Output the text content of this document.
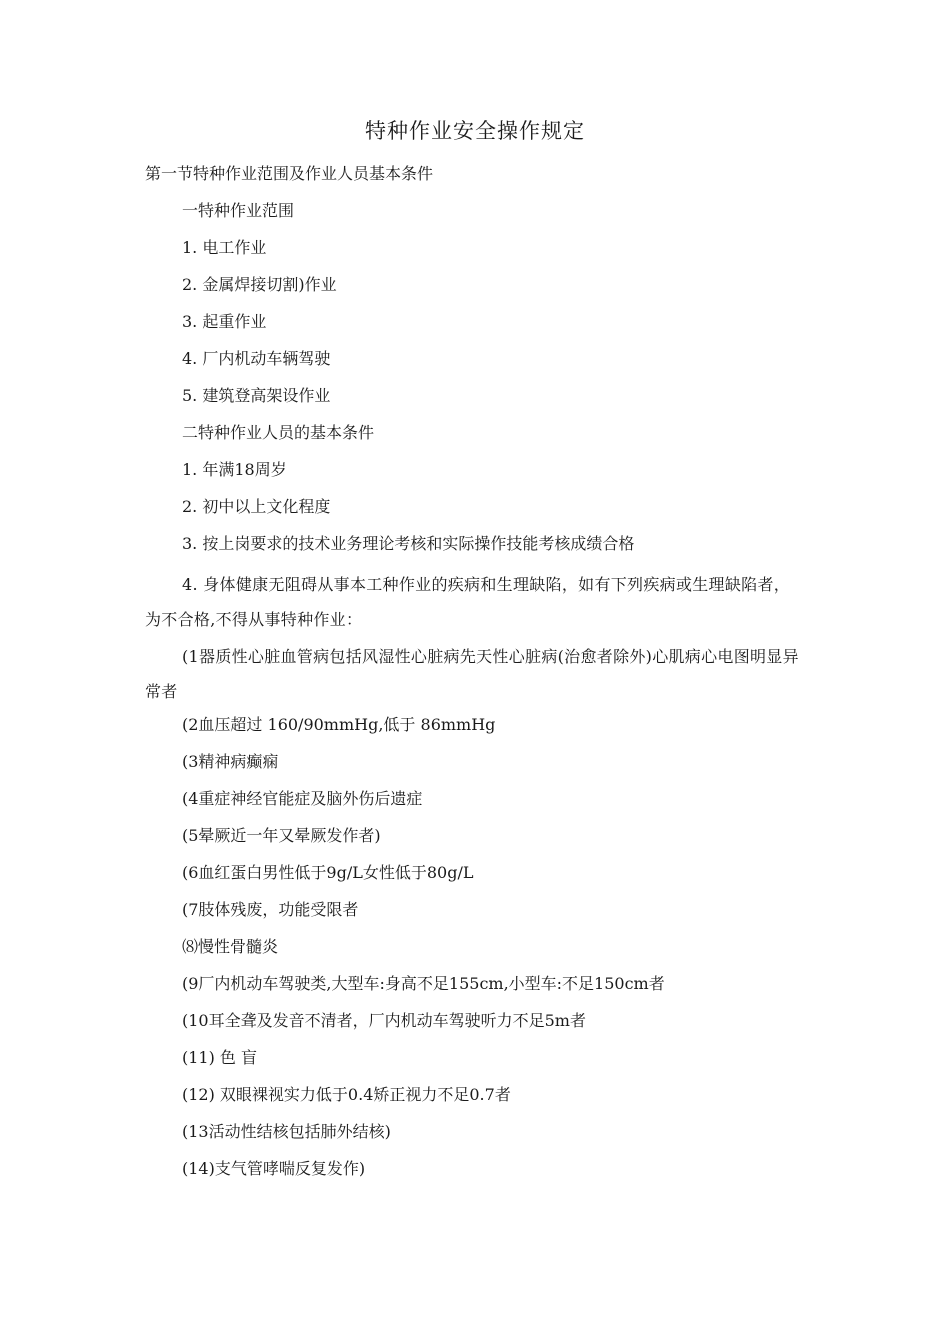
特种作业安全操作规定
第一节特种作业范围及作业人员基本条件
一特种作业范围
1. 电工作业
2. 金属焊接切割)作业
3. 起重作业
4. 厂内机动车辆驾驶
5. 建筑登高架设作业
二特种作业人员的基本条件
1. 年满18周岁
2. 初中以上文化程度
3. 按上岗要求的技术业务理论考核和实际操作技能考核成绩合格
4. 身体健康无阻碍从事本工种作业的疾病和生理缺陷，如有下列疾病或生理缺陷者，为不合格,不得从事特种作业：
(1器质性心脏血管病包括风湿性心脏病先天性心脏病(治愈者除外)心肌病心电图明显异常者
(2血压超过 160/90mmHg,低于 86mmHg
(3精神病癫痫
(4重症神经官能症及脑外伤后遗症
(5晕厥近一年又晕厥发作者)
(6血红蛋白男性低于9g/L女性低于80g/L
(7肢体残废，功能受限者
⑻慢性骨髓炎
(9厂内机动车驾驶类,大型车:身高不足155cm,小型车:不足150cm者
(10耳全聋及发音不清者，厂内机动车驾驶听力不足5m者
(11) 色 盲
(12) 双眼裸视实力低于0.4矫正视力不足0.7者
(13活动性结核包括肺外结核)
(14)支气管哮喘反复发作)
